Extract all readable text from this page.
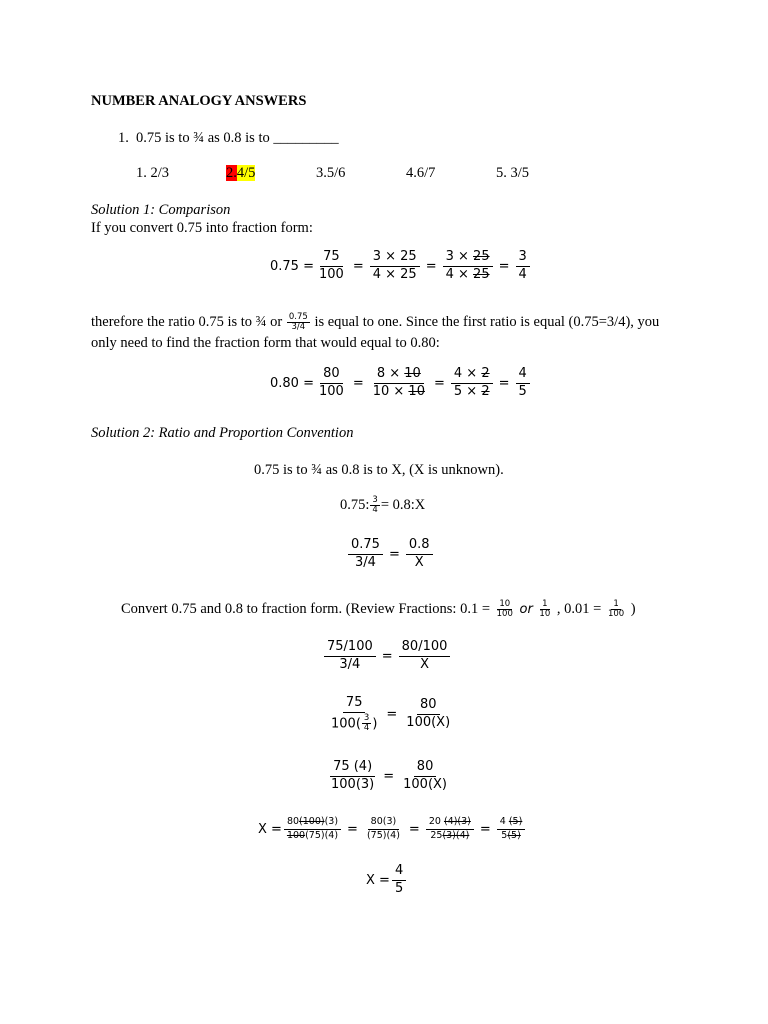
NUMBER ANALOGY ANSWERS
1. 0.75 is to ¾ as 0.8 is to _________
1. 2/3	2.4/5	3.5/6	4.6/7	5. 3/5
Solution 1: Comparison
If you convert 0.75 into fraction form:
$0.75 = \frac{75}{100} = \frac{3 \times 25}{4 \times 25} = \frac{3 \times 25}{4 \times 25} = \frac{3}{4}$
therefore the ratio 0.75 is to ¾ or $\frac{0.75}{3/4}$ is equal to one. Since the first ratio is equal (0.75=3/4), you
only need to find the fraction form that would equal to 0.80:
$0.80 = \frac{80}{100} = \frac{8 \times 10}{10 \times 10} = \frac{4 \times 2}{5 \times 2} = \frac{4}{5}$
Solution 2: Ratio and Proportion Convention
0.75 is to ¾ as 0.8 is to X, (X is unknown).
0.75: $\frac{3}{4}$ = 0.8:X
$\frac{0.75}{3/4} = \frac{0.8}{X}$
Convert 0.75 and 0.8 to fraction form. (Review Fractions: $0.1 = \frac{10}{100}$ or $\frac{1}{10}$ , $0.01 = \frac{1}{100}$ )
$\frac{75/100}{3/4} = \frac{80/100}{X}$
$\frac{75}{100( \frac{3}{4} )} = \frac{80}{100(X)}$
$\frac{75 (4)}{100(3)} = \frac{80}{100(X)}$
$X = \frac{80(100)(3)}{100(75)(4)} = \frac{80(3)}{(75)(4)} = \frac{20 (4)(3)}{25(3)(4)} = \frac{4 (5)}{5(5)}$
$X = \frac{4}{5}$
